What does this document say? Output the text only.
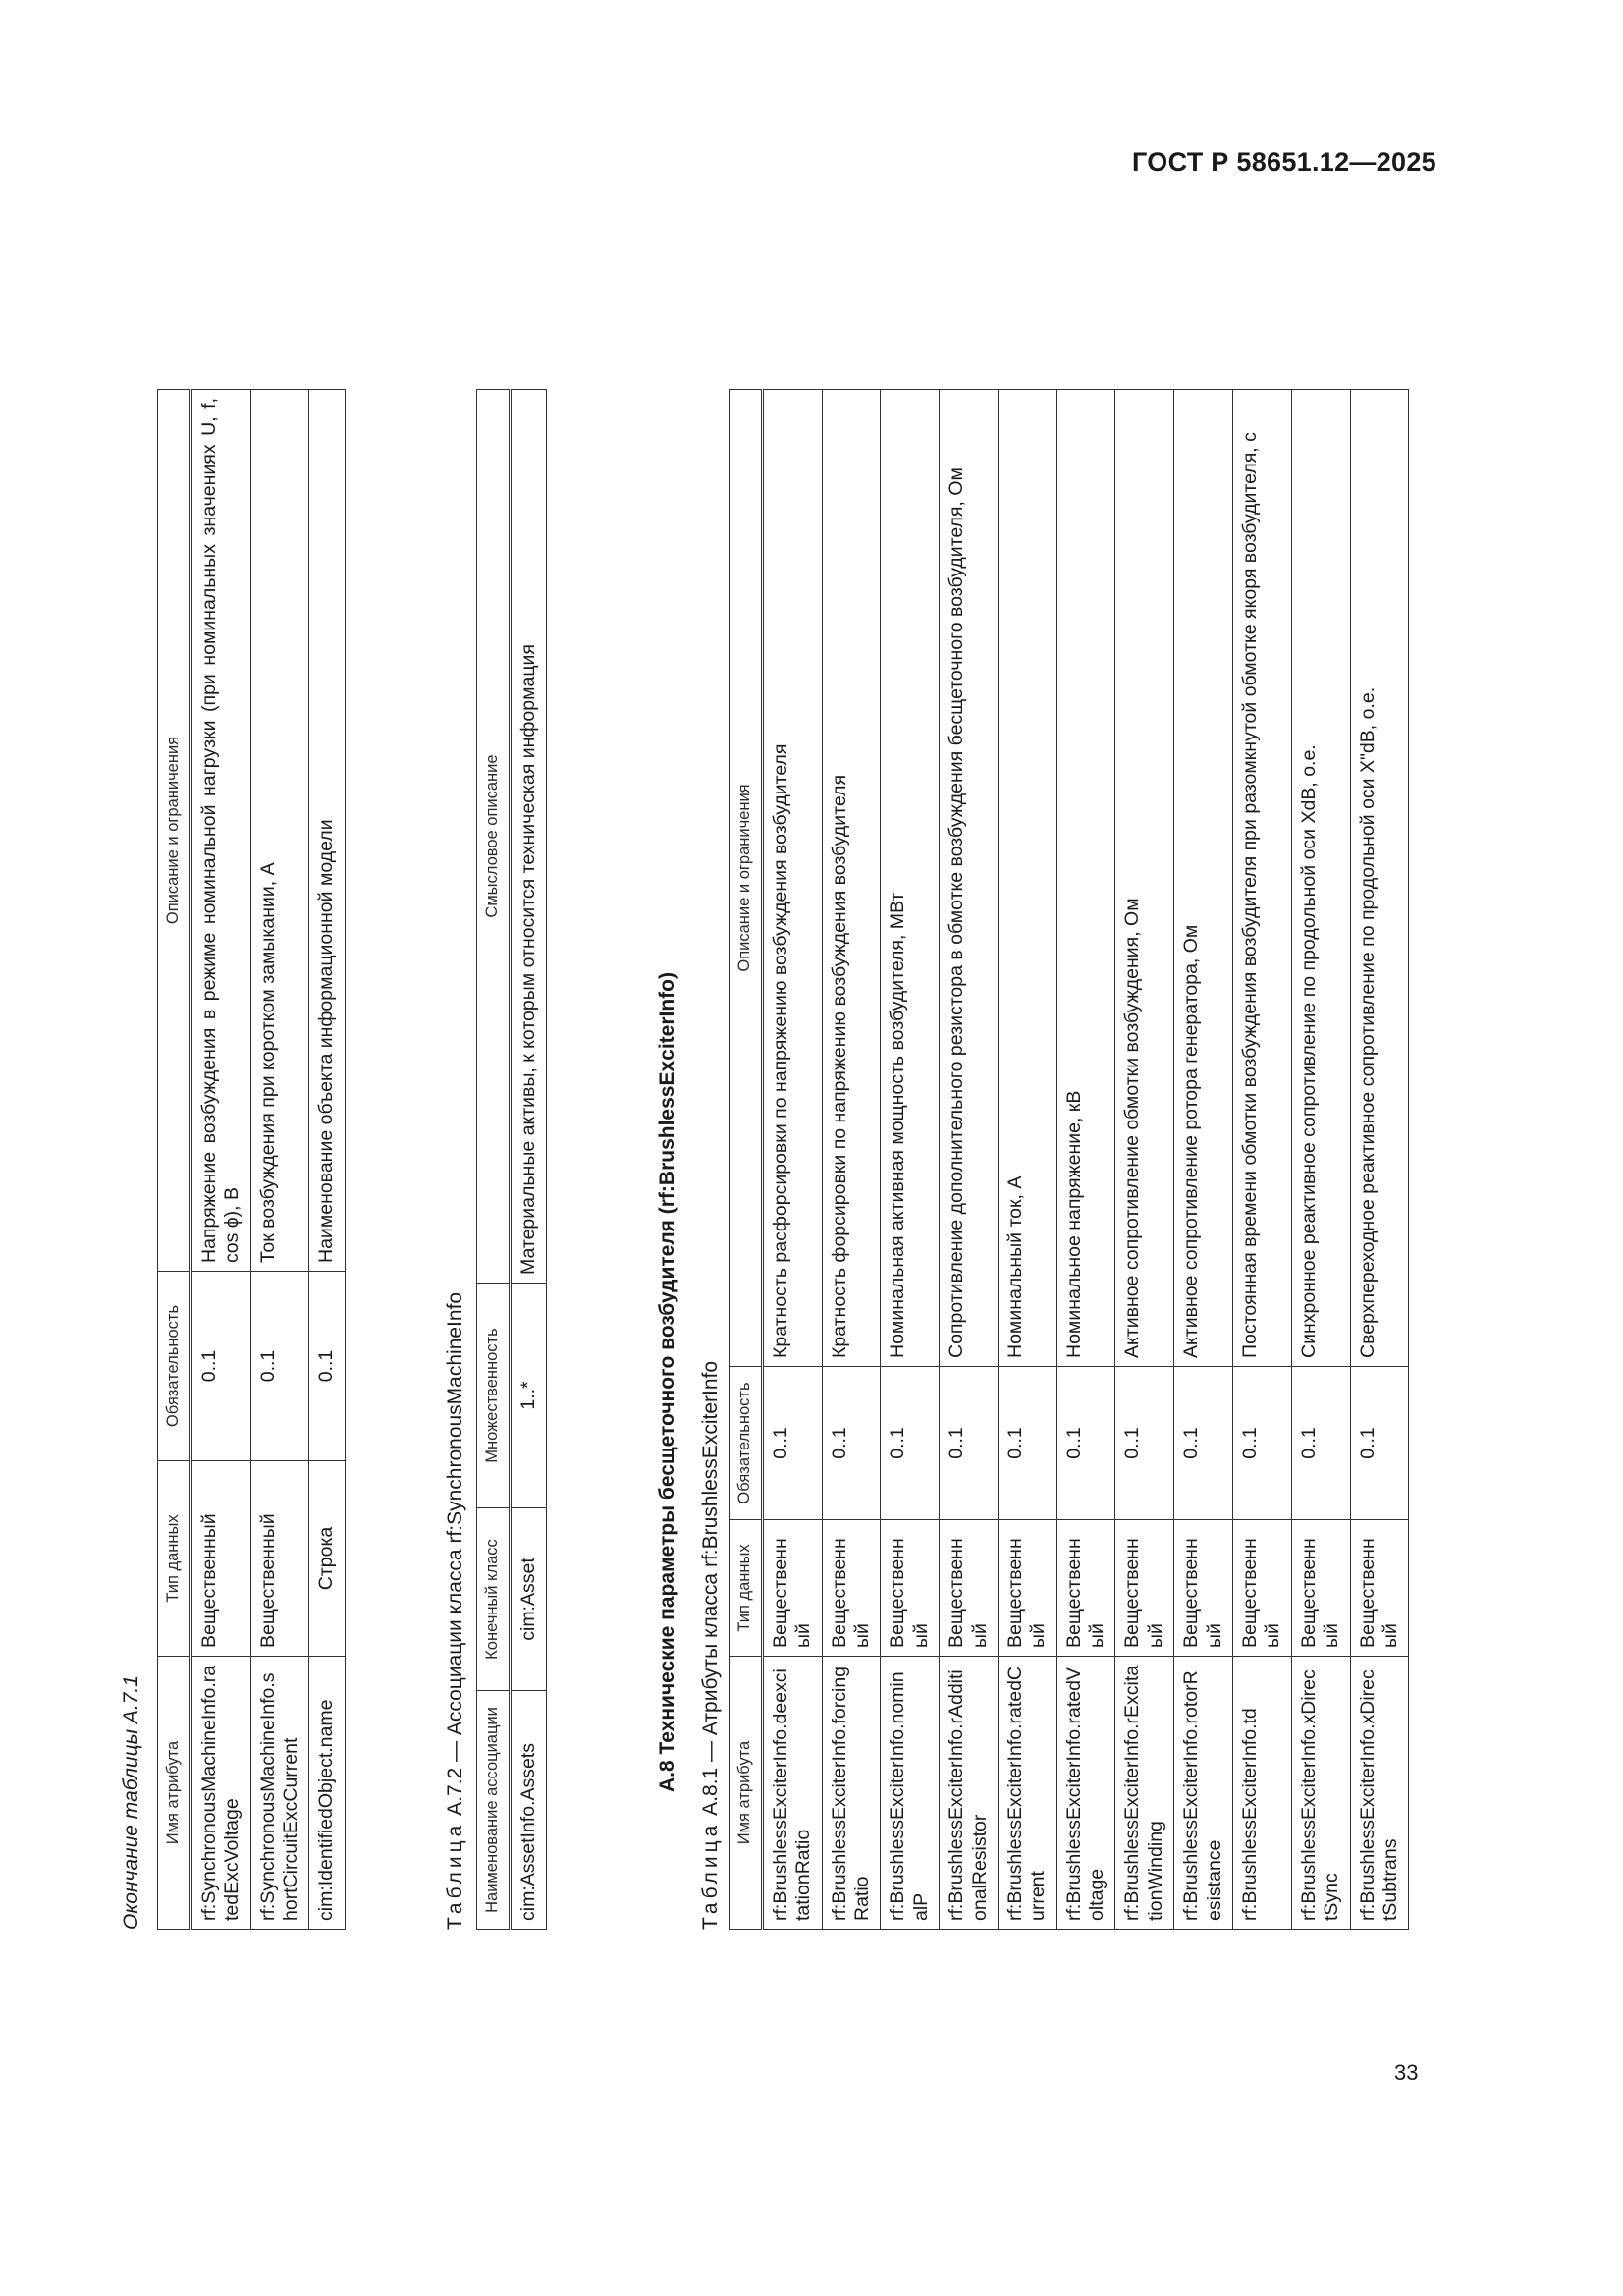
ГОСТ Р 58651.12—2025
Окончание таблицы А.7.1 Имя атрибута	Тип данных	Обязательность	Описание и ограничения
rf:SynchronousMachineInfo.ratedExcVoltage	Вещественный	0..1	Напряжение возбуждения в режиме номинальной нагрузки (при номинальных значениях U, f, cos ϕ), В
rf:SynchronousMachineInfo.shortCircuitExcCurrent	Вещественный	0..1	Ток возбуждения при коротком замыкании, А
cim:IdentifiedObject.name	Строка	0..1	Наименование объекта информационной модели
Таблица А.7.2 — Ассоциации класса rf:SynchronousMachineInfo Наименование ассоциации	Конечный класс	Множественность	Смысловое описание
cim:AssetInfo.Assets	cim:Asset	1..*	Материальные активы, к которым относится техническая информация
А.8 Технические параметры бесщеточного возбудителя (rf:BrushlessExciterInfo)
Таблица А.8.1 — Атрибуты класса rf:BrushlessExciterInfo Имя атрибута	Тип данных	Обязательность	Описание и ограничения
rf:BrushlessExciterInfo.deexcitationRatio	Вещественный	0..1	Кратность расфорсировки по напряжению возбуждения возбудителя
rf:BrushlessExciterInfo.forcingRatio	Вещественный	0..1	Кратность форсировки по напряжению возбуждения возбудителя
rf:BrushlessExciterInfo.nominalP	Вещественный	0..1	Номинальная активная мощность возбудителя, МВт
rf:BrushlessExciterInfo.rAdditionalResistor	Вещественный	0..1	Сопротивление дополнительного резистора в обмотке возбуждения бесщеточного возбудителя, Ом
rf:BrushlessExciterInfo.ratedCurrent	Вещественный	0..1	Номинальный ток, А
rf:BrushlessExciterInfo.ratedVoltage	Вещественный	0..1	Номинальное напряжение, кВ
rf:BrushlessExciterInfo.rExcitationWinding	Вещественный	0..1	Активное сопротивление обмотки возбуждения, Ом
rf:BrushlessExciterInfo.rotorResistance	Вещественный	0..1	Активное сопротивление ротора генератора, Ом
rf:BrushlessExciterInfo.td	Вещественный	0..1	Постоянная времени обмотки возбуждения возбудителя при разомкнутой обмотке якоря возбудителя, с
rf:BrushlessExciterInfo.xDirectSync	Вещественный	0..1	Синхронное реактивное сопротивление по продольной оси XdB, о.е.
rf:BrushlessExciterInfo.xDirectSubtrans	Вещественный	0..1	Сверхпереходное реактивное сопротивление по продольной оси X"dB, о.е.
33
